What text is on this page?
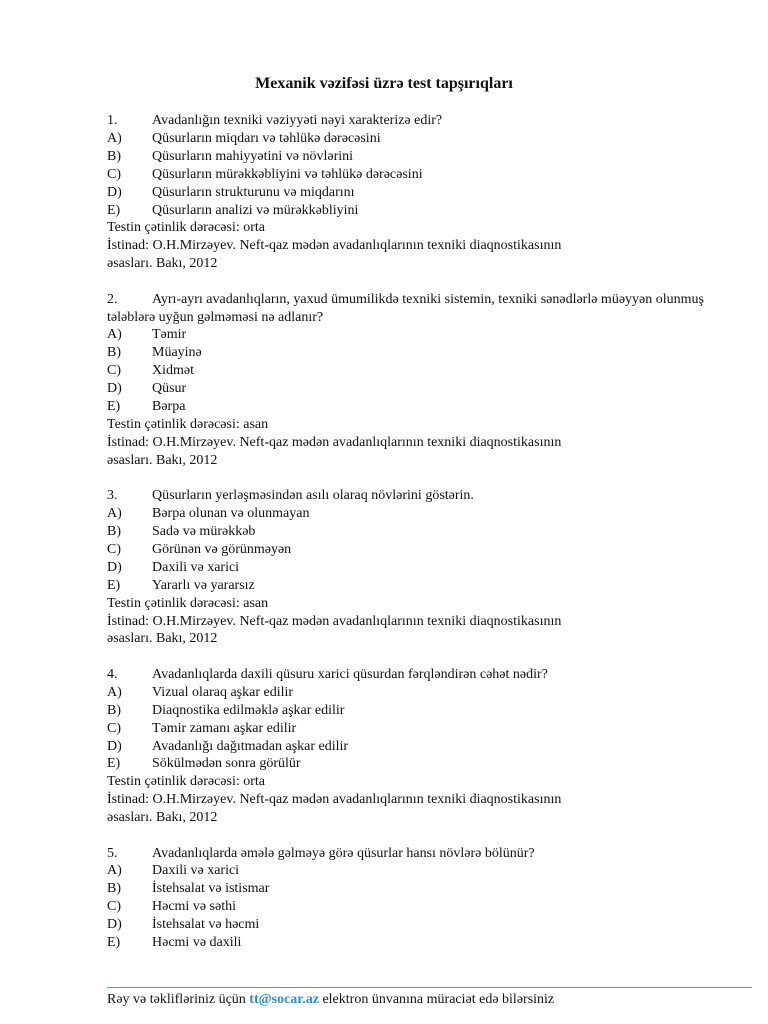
Mexanik vəzifəsi üzrə test tapşırıqları
1. Avadanlığın texniki vəziyyəti nəyi xarakterizə edir?
A) Qüsurların miqdarı və təhlükə dərəcəsini
B) Qüsurların mahiyyətini və növlərini
C) Qüsurların mürəkkəbliyini və təhlükə dərəcəsini
D) Qüsurların strukturunu və miqdarını
E) Qüsurların analizi və mürəkkəbliyini
Testin çətinlik dərəcəsi: orta
İstinad: O.H.Mirzəyev. Neft-qaz mədən avadanlıqlarının texniki diaqnostikasının
əsasları. Bakı, 2012
2. Ayrı-ayrı avadanlıqların, yaxud ümumilikdə texniki sistemin, texniki sənədlərlə müəyyən olunmuş tələblərə uyğun gəlməməsi nə adlanır?
A) Təmir
B) Müayinə
C) Xidmət
D) Qüsur
E) Bərpa
Testin çətinlik dərəcəsi: asan
İstinad: O.H.Mirzəyev. Neft-qaz mədən avadanlıqlarının texniki diaqnostikasının
əsasları. Bakı, 2012
3. Qüsurların yerləşməsindən asılı olaraq növlərini göstərin.
A) Bərpa olunan və olunmayan
B) Sadə və mürəkkəb
C) Görünən və görünməyən
D) Daxili və xarici
E) Yararlı və yararsız
Testin çətinlik dərəcəsi: asan
İstinad: O.H.Mirzəyev. Neft-qaz mədən avadanlıqlarının texniki diaqnostikasının
əsasları. Bakı, 2012
4. Avadanlıqlarda daxili qüsuru xarici qüsurdan fərqləndirən cəhət nədir?
A) Vizual olaraq aşkar edilir
B) Diaqnostika edilməklə aşkar edilir
C) Təmir zamanı aşkar edilir
D) Avadanlığı dağıtmadan aşkar edilir
E) Sökülmədən sonra görülür
Testin çətinlik dərəcəsi: orta
İstinad: O.H.Mirzəyev. Neft-qaz mədən avadanlıqlarının texniki diaqnostikasının
əsasları. Bakı, 2012
5. Avadanlıqlarda əmələ gəlməyə görə qüsurlar hansı növlərə bölünür?
A) Daxili və xarici
B) İstehsalat və istismar
C) Həcmi və səthi
D) İstehsalat və həcmi
E) Həcmi və daxili
Rəy və təklifləriniz üçün tt@socar.az elektron ünvanına müraciət edə bilərsiniz
